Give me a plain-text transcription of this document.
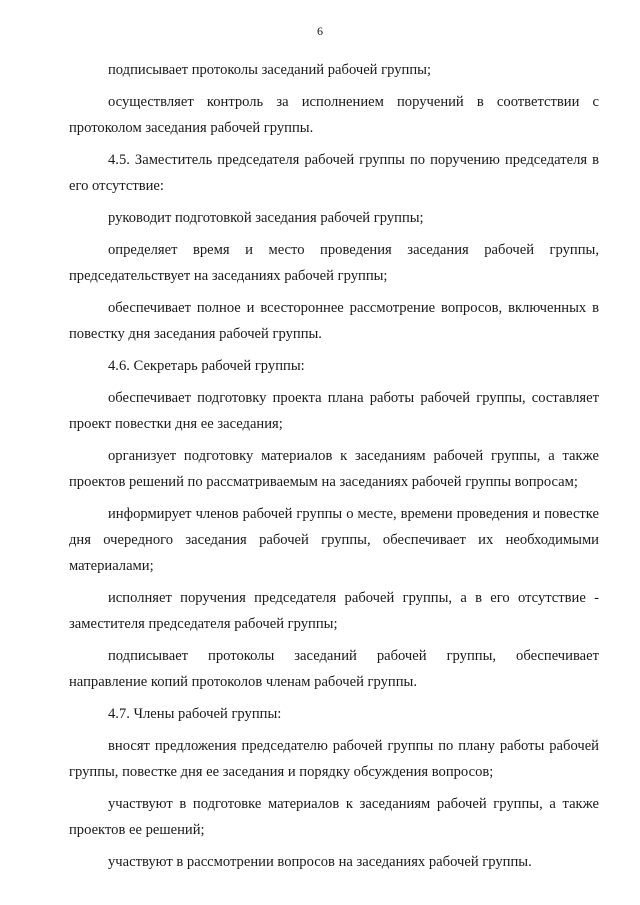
6

подписывает протоколы заседаний рабочей группы;

осуществляет контроль за исполнением поручений в соответствии с протоколом заседания рабочей группы.

4.5. Заместитель председателя рабочей группы по поручению председателя в его отсутствие:

руководит подготовкой заседания рабочей группы;

определяет время и место проведения заседания рабочей группы, председательствует на заседаниях рабочей группы;

обеспечивает полное и всестороннее рассмотрение вопросов, включенных в повестку дня заседания рабочей группы.

4.6. Секретарь рабочей группы:

обеспечивает подготовку проекта плана работы рабочей группы, составляет проект повестки дня ее заседания;

организует подготовку материалов к заседаниям рабочей группы, а также проектов решений по рассматриваемым на заседаниях рабочей группы вопросам;

информирует членов рабочей группы о месте, времени проведения и повестке дня очередного заседания рабочей группы, обеспечивает их необходимыми материалами;

исполняет поручения председателя рабочей группы, а в его отсутствие - заместителя председателя рабочей группы;

подписывает протоколы заседаний рабочей группы, обеспечивает направление копий протоколов членам рабочей группы.

4.7. Члены рабочей группы:

вносят предложения председателю рабочей группы по плану работы рабочей группы, повестке дня ее заседания и порядку обсуждения вопросов;

участвуют в подготовке материалов к заседаниям рабочей группы, а также проектов ее решений;

участвуют в рассмотрении вопросов на заседаниях рабочей группы.
